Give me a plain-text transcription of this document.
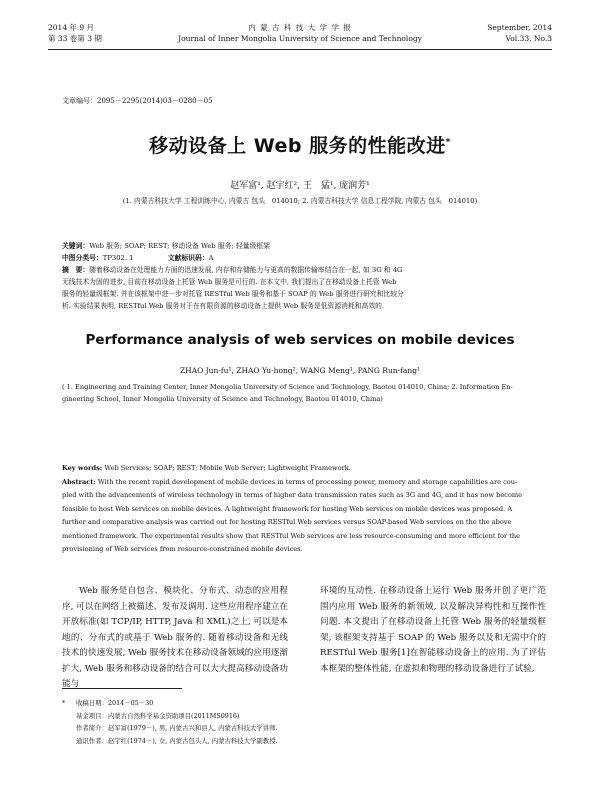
2014 年 9 月
第 33 卷第 3 期
内 蒙 古 科 技 大 学 学 报
Journal of Inner Mongolia University of Science and Technology
September, 2014
Vol.33, No.3
文章编号：2095－2295(2014)03－0280－05
移动设备上 Web 服务的性能改进*
赵军富¹, 赵宇红², 王　猛¹, 庞润芳¹
(1. 内蒙古科技大学 工程训练中心, 内蒙古 包头　014010; 2. 内蒙古科技大学 信息工程学院, 内蒙古 包头　014010)
关键词：Web 服务; SOAP; REST; 移动设备 Web 服务; 轻量级框架
中图分类号：TP302. 1	文献标识码：A
摘　要：随着移动设备在处理能力方面的迅速发展, 内存和存储能力与更高的数据传输率结合在一起, 如 3G 和 4G
无线技术为固的进步, 目前在移动设备上托管 Web 服务是可行的. 在本文中, 我们提出了在移动设备上托管 Web
服务的轻量级框架. 并在该框架中进一步对托管 RESTful Web 服务和基于 SOAP 的 Web 服务进行研究和比较分
析. 实验结果表明, RESTful Web 服务对于在有限资源的移动设备上提供 Web 服务是低资源消耗和高效的.
Performance analysis of web services on mobile devices
ZHAO Jun-fu¹, ZHAO Yu-hong², WANG Meng¹, PANG Run-fang¹
( 1. Engineering and Training Center, Inner Mongolia University of Science and Technology, Baotou 014010, China; 2. Information En-
gineering School, Inner Mongolia University of Science and Technology, Baotou 014010, China)
Key words: Web Services; SOAP; REST; Mobile Web Server; Lightweight Framework.
Abstract: With the recent rapid development of mobile devices in terms of processing power, memory and storage capabilities are cou-
pled with the advancements of wireless technology in terms of higher data transmission rates such as 3G and 4G, and it has now become
feasible to host Web services on mobile devices. A lightweight framework for hosting Web services on mobile devices was proposed. A
further and comparative analysis was carried out for hosting RESTful Web services versus SOAP-based Web services on the the above
mentioned framework. The experimental results show that RESTful Web services are less resource-consuming and more efficient for the
provisioning of Web services from resource-constrained mobile devices.
Web 服务是自包含、模块化、分布式、动态的应用程序, 可以在网络上被描述、发布及调用. 这些应用程序建立在开放标准(如 TCP/IP, HTTP, Java 和 XML)之上, 可以是本地的、分布式的或基于 Web 服务的. 随着移动设备和无线技术的快速发展, Web 服务技术在移动设备领域的应用逐渐扩大, Web 服务和移动设备的结合可以大大提高移动设备功能与
环境的互动性. 在移动设备上运行 Web 服务开创了更广范围内应用 Web 服务的新领域, 以及解决异构性和互操作性问题. 本文提出了在移动设备上托管 Web 服务的轻量级框架, 该框架支持基于 SOAP 的 Web 服务以及和无需中介的 RESTful Web 服务[1]在智能移动设备上的应用. 为了评估本框架的整体性能, 在虚拟和物理的移动设备进行了试验,
* 收稿日期：2014－05－30
基金项目：内蒙古自然科学基金资助项目(2011MS0916)
作者简介：赵军富(1979－), 男, 内蒙古兴和县人, 内蒙古科技大学讲师.
通讯作者：赵宇红(1974－), 女, 内蒙古包头人, 内蒙古科技大学副教授.
